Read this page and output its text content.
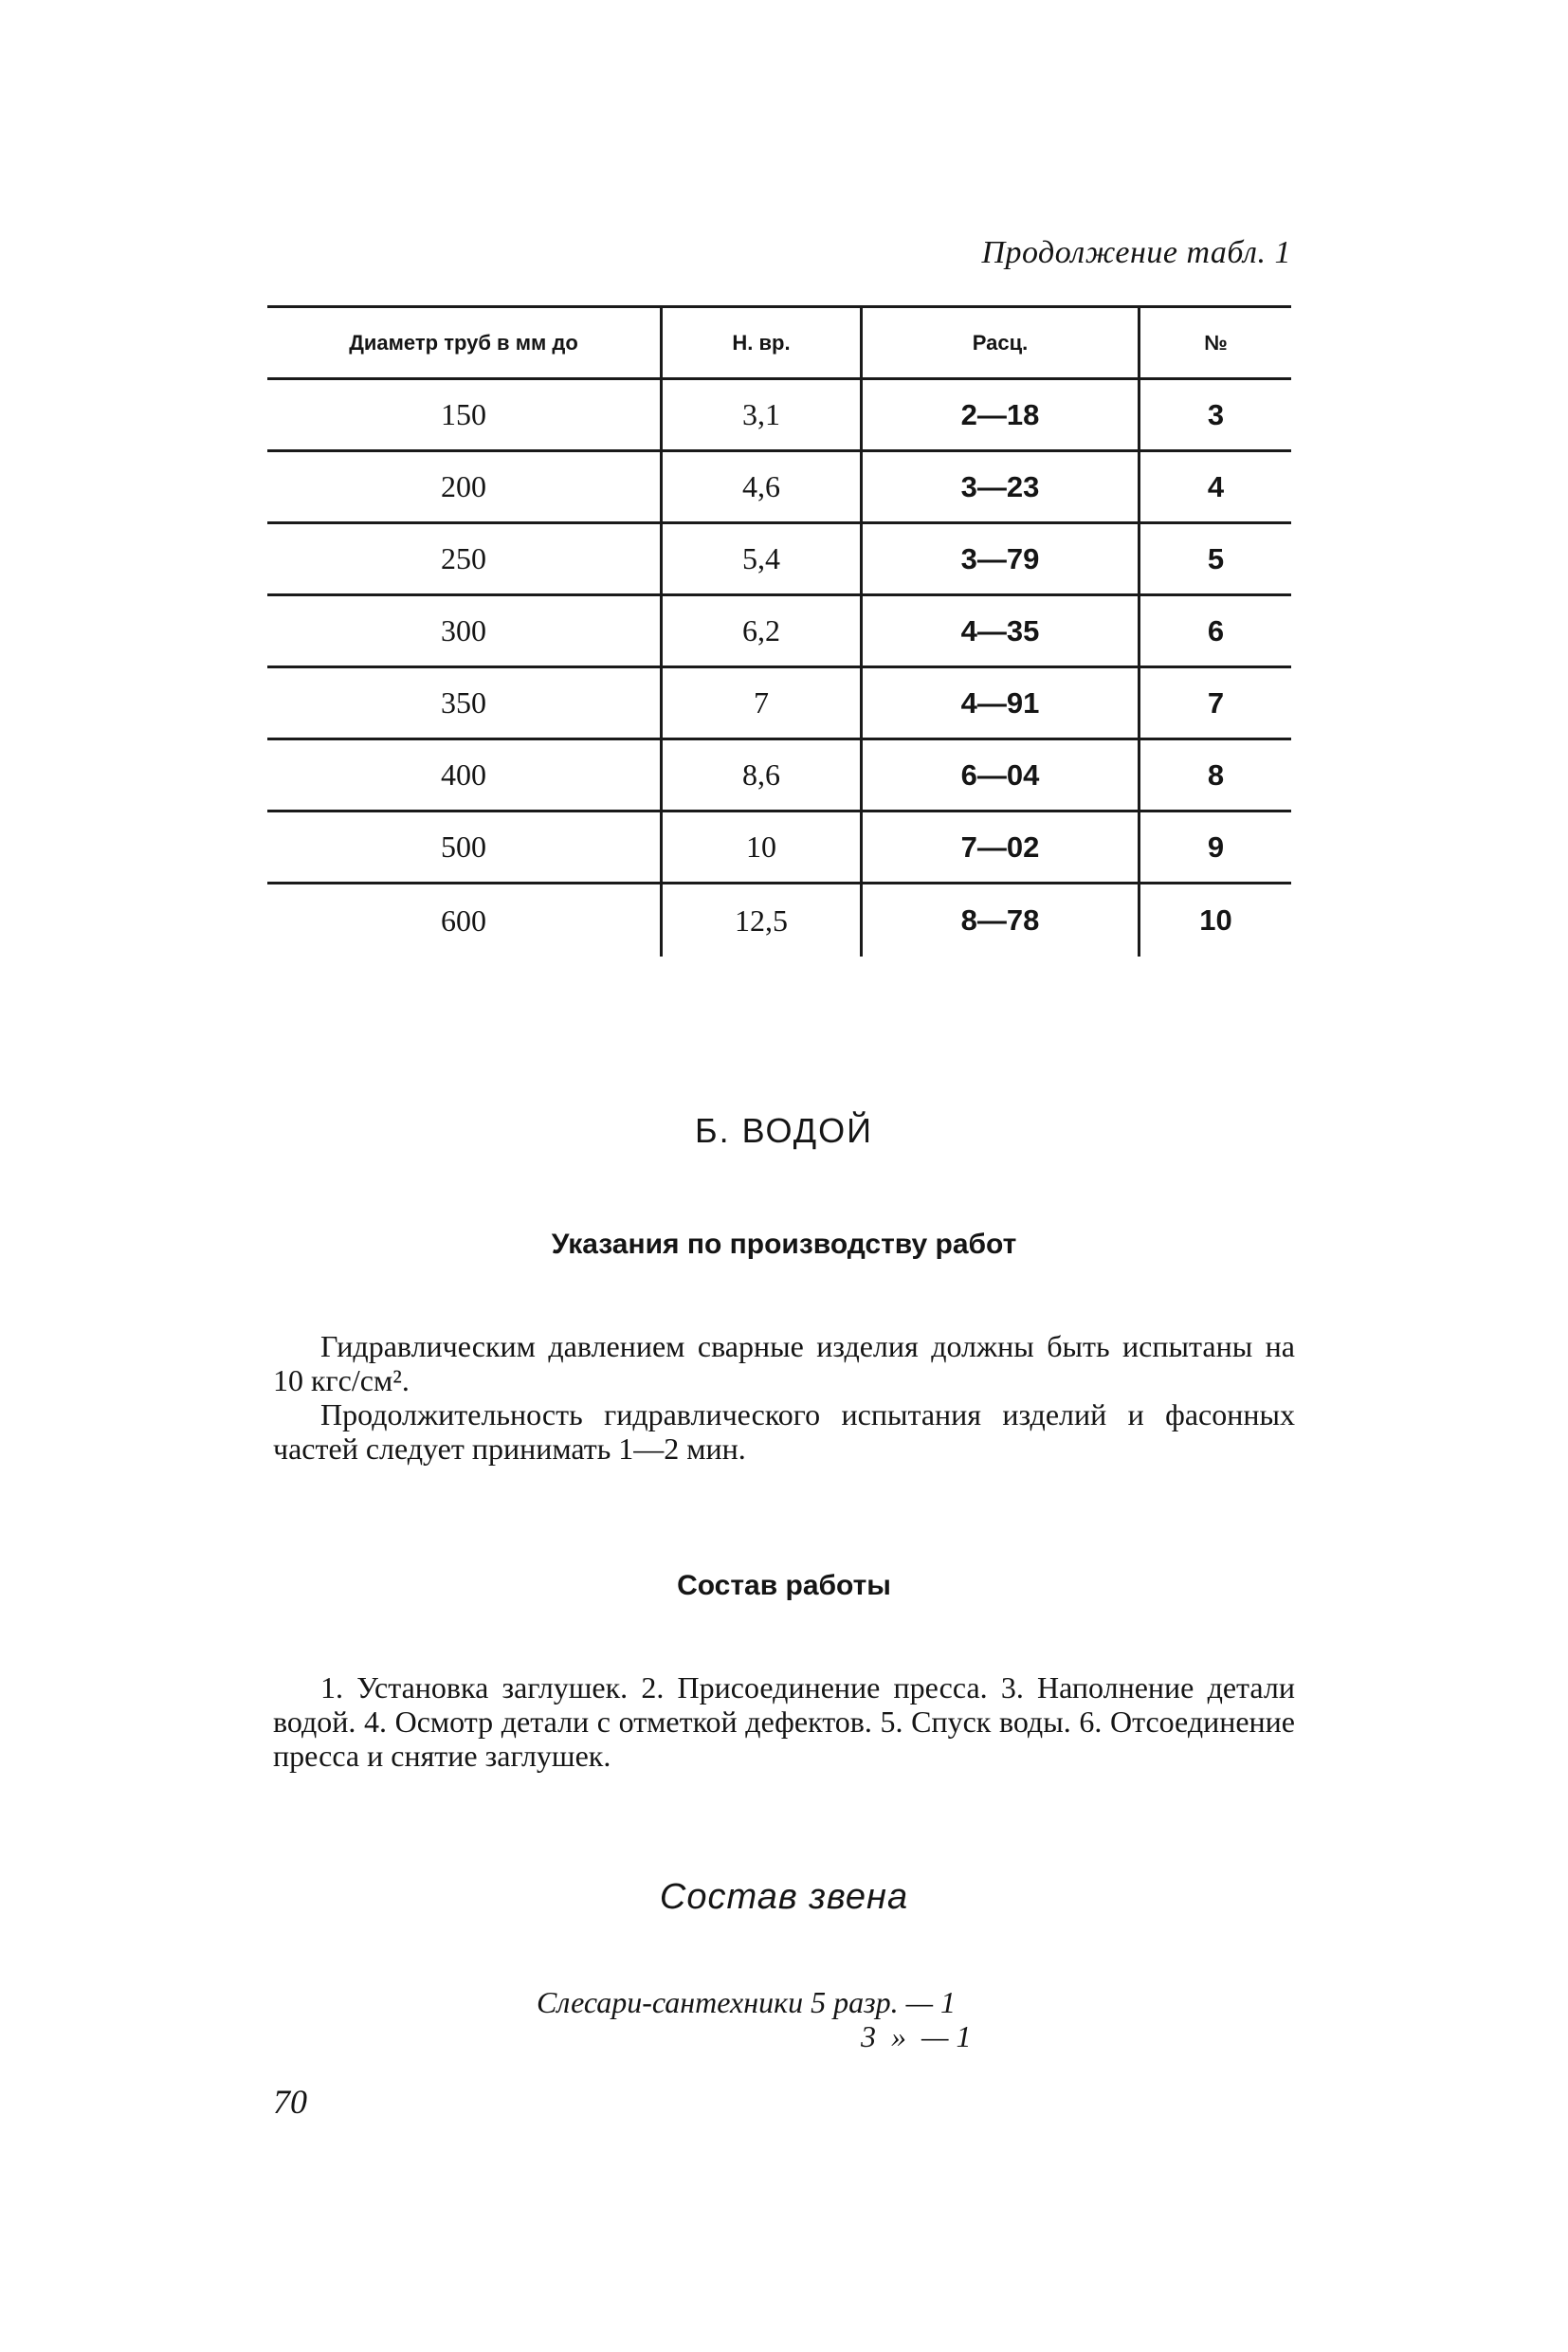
Продолжение табл. 1
Диаметр труб в мм до	Н. вр.	Расц.	№
150	3,1	2—18	3
200	4,6	3—23	4
250	5,4	3—79	5
300	6,2	4—35	6
350	7	4—91	7
400	8,6	6—04	8
500	10	7—02	9
600	12,5	8—78	10
Б. ВОДОЙ
Указания по производству работ
Гидравлическим давлением сварные изделия должны быть испытаны на 10 кгс/см².
Продолжительность гидравлического испытания изделий и фасонных частей следует принимать 1—2 мин.
Состав работы
1. Установка заглушек. 2. Присоединение пресса. 3. Наполнение детали водой. 4. Осмотр детали с отметкой дефектов. 5. Спуск воды. 6. Отсоединение пресса и снятие заглушек.
Состав звена
Слесари-сантехники 5 разр. — 1
3  »  — 1
70
